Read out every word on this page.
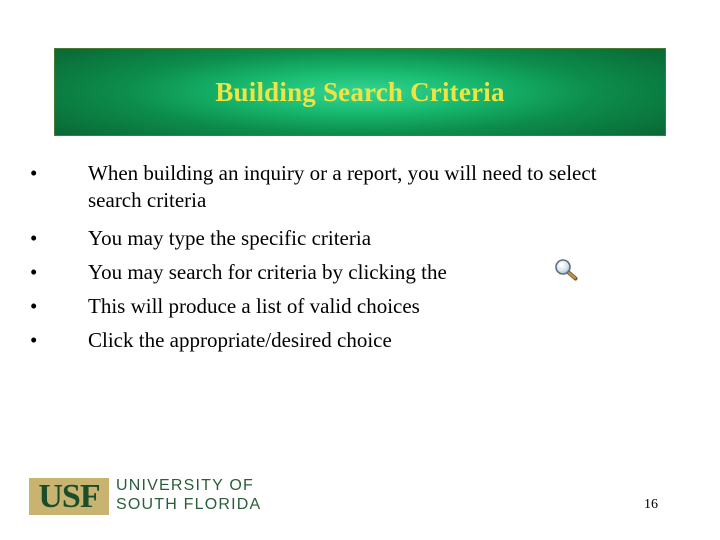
Building Search Criteria
• When building an inquiry or a report, you will need to select search criteria
• You may type the specific criteria
• You may search for criteria by clicking the
• This will produce a list of valid choices
• Click the appropriate/desired choice
USF UNIVERSITY OF
SOUTH FLORIDA	16
